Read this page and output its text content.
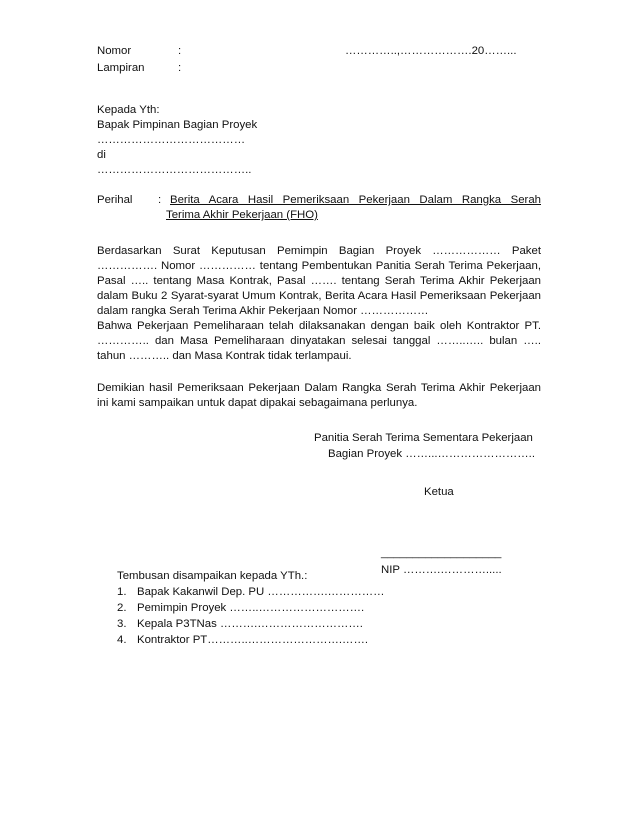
Nomor	:	…………..,……………….20……...
Lampiran	:
Kepada Yth:
Bapak Pimpinan Bagian Proyek
…………………………………
di
…………………………………..
Perihal : Berita Acara Hasil Pemeriksaan Pekerjaan Dalam Rangka Serah
Terima Akhir Pekerjaan (FHO)

Berdasarkan Surat Keputusan Pemimpin Bagian Proyek ……………… Paket ……………. Nomor …………… tentang Pembentukan Panitia Serah Terima Pekerjaan, Pasal ….. tentang Masa Kontrak, Pasal ……. tentang Serah Terima Akhir Pekerjaan dalam Buku 2 Syarat-syarat Umum Kontrak, Berita Acara Hasil Pemeriksaan Pekerjaan dalam rangka Serah Terima Akhir Pekerjaan Nomor ………………

Bahwa Pekerjaan Pemeliharaan telah dilaksanakan dengan baik oleh Kontraktor PT. ………….. dan Masa Pemeliharaan dinyatakan selesai tanggal ……..….. bulan ….. tahun ……….. dan Masa Kontrak tidak terlampaui.

Demikian hasil Pemeriksaan Pekerjaan Dalam Rangka Serah Terima Akhir Pekerjaan ini kami sampaikan untuk dapat dipakai sebagaimana perlunya.

Panitia Serah Terima Sementara Pekerjaan
Bagian Proyek ……...……………………..
Ketua
___________________
NIP ……….………….....
Tembusan disampaikan kepada YTh.:
1. Bapak Kakanwil Dep. PU …………….……………
2. Pemimpin Proyek ……..……………………….
3. Kepala P3TNas ……….……………………….
4. Kontraktor PT………..…………………….…….
